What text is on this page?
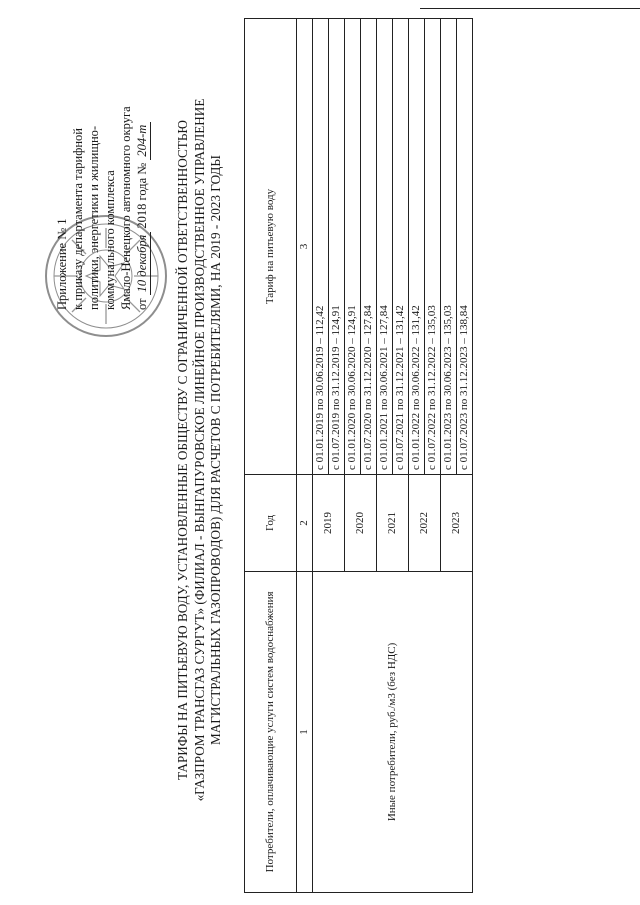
Приложение № 1 к приказу департамента тарифной политики, энергетики и жилищно- коммунального комплекса Ямало-Ненецкого автономного округа от 10 декабря 2018 года № 204-т ТАРИФЫ НА ПИТЬЕВУЮ ВОДУ, УСТАНОВЛЕННЫЕ ОБЩЕСТВУ С ОГРАНИЧЕННОЙ ОТВЕТСТВЕННОСТЬЮ «ГАЗПРОМ ТРАНСГАЗ СУРГУТ» (ФИЛИАЛ - ВЫНГАПУРОВСКОЕ ЛИНЕЙНОЕ ПРОИЗВОДСТВЕННОЕ УПРАВЛЕНИЕ МАГИСТРАЛЬНЫХ ГАЗОПРОВОДОВ) ДЛЯ РАСЧЕТОВ С ПОТРЕБИТЕЛЯМИ, НА 2019 - 2023 ГОДЫ	Потребители, оплачивающие услуги систем водоснабжения	Год	Тариф на питьевую воду
1	2	3
Иные потребители, руб./м3 (без НДС)	2019	с 01.01.2019 по 30.06.2019 – 112,42
		с 01.07.2019 по 31.12.2019 – 124,91
	2020	с 01.01.2020 по 30.06.2020 – 124,91
		с 01.07.2020 по 31.12.2020 – 127,84
	2021	с 01.01.2021 по 30.06.2021 – 127,84
		с 01.07.2021 по 31.12.2021 – 131,42
	2022	с 01.01.2022 по 30.06.2022 – 131,42
		с 01.07.2022 по 31.12.2022 – 135,03
	2023	с 01.01.2023 по 30.06.2023 – 135,03
		с 01.07.2023 по 31.12.2023 – 138,84
